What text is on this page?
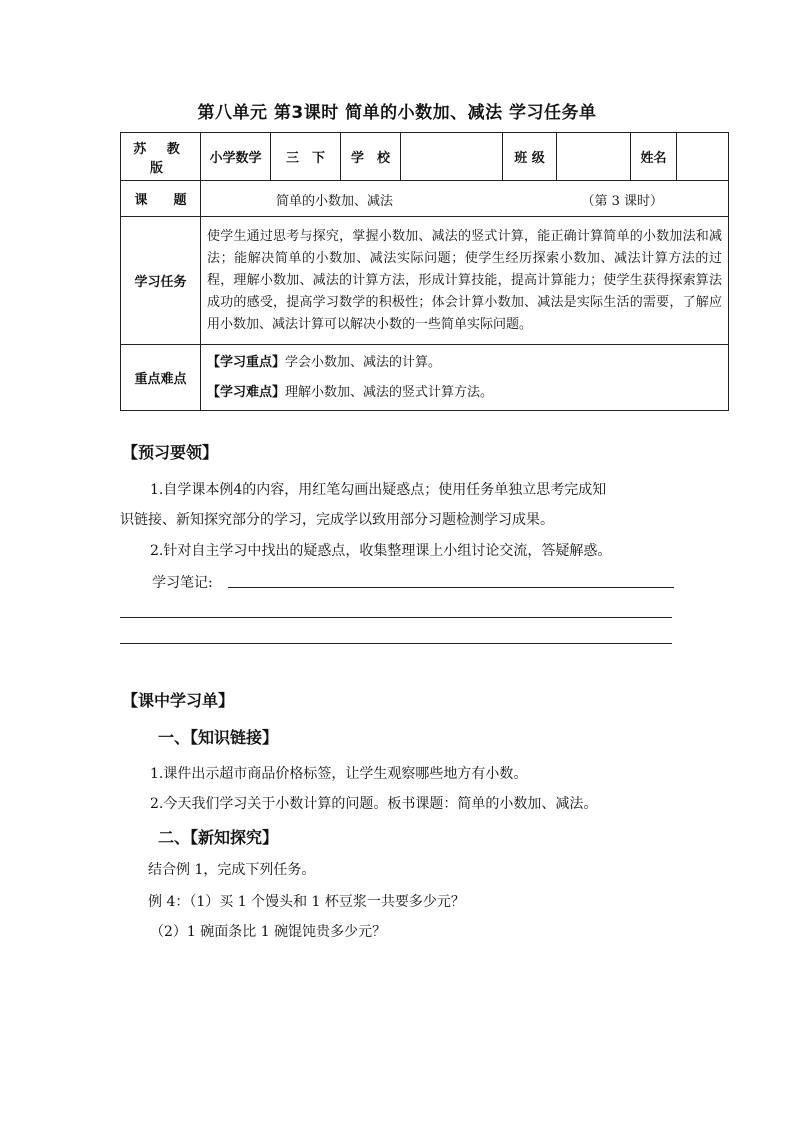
第八单元 第3课时 简单的小数加、减法 学习任务单
苏 教 版	小学数学	三　下	学　校		班 级		姓名	
课　　题	简单的小数加、减法 （第 3 课时）							

学习任务	使学生通过思考与探究，掌握小数加、减法的竖式计算，能正确计算简单的小数加法和减法；能解决简单的小数加、减法实际问题；使学生经历探索小数加、减法计算方法的过程，理解小数加、减法的计算方法，形成计算技能，提高计算能力；使学生获得探索算法成功的感受，提高学习数学的积极性；体会计算小数加、减法是实际生活的需要，了解应用小数加、减法计算可以解决小数的一些简单实际问题。							
重点难点	【学习重点】学会小数加、减法的计算。
【学习难点】理解小数加、减法的竖式计算方法。							
【预习要领】
1.自学课本例4的内容，用红笔勾画出疑惑点；使用任务单独立思考完成知
识链接、新知探究部分的学习，完成学以致用部分习题检测学习成果。
2.针对自主学习中找出的疑惑点，收集整理课上小组讨论交流，答疑解惑。
学习笔记:
【课中学习单】
一、【知识链接】
1.课件出示超市商品价格标签，让学生观察哪些地方有小数。
2.今天我们学习关于小数计算的问题。板书课题：简单的小数加、减法。
二、【新知探究】
结合例 1，完成下列任务。
例 4：（1）买 1 个馒头和 1 杯豆浆一共要多少元？
（2）1 碗面条比 1 碗馄饨贵多少元？
